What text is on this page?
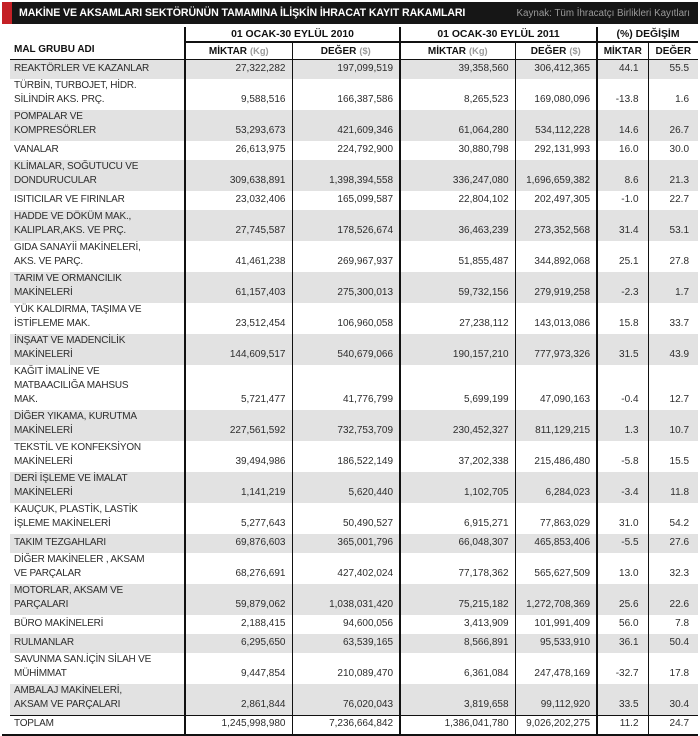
MAKİNE VE AKSAMLARI SEKTÖRÜNÜN TAMAMINA İLİŞKİN İHRACAT KAYIT RAKAMLARI	Kaynak: Tüm İhracatçı Birlikleri Kayıtları
	01 OCAK-30 EYLÜL 2010		01 OCAK-30 EYLÜL 2011		(%) DEĞİŞİM	
MAL GRUBU ADI	MİKTAR (Kg)	DEĞER ($)	MİKTAR (Kg)	DEĞER ($)	MİKTAR	DEĞER
REAKTÖRLER VE KAZANLAR	27,322,282	197,099,519	39,358,560	306,412,365	44.1	55.5
TÜRBİN, TURBOJET, HİDR. SİLİNDİR AKS. PRÇ.	9,588,516	166,387,586	8,265,523	169,080,096	-13.8	1.6
POMPALAR VE KOMPRESÖRLER	53,293,673	421,609,346	61,064,280	534,112,228	14.6	26.7
VANALAR	26,613,975	224,792,900	30,880,798	292,131,993	16.0	30.0
KLİMALAR, SOĞUTUCU VE DONDURUCULAR	309,638,891	1,398,394,558	336,247,080	1,696,659,382	8.6	21.3
ISITICILAR VE FIRINLAR	23,032,406	165,099,587	22,804,102	202,497,305	-1.0	22.7
HADDE VE DÖKÜM MAK., KALIPLAR,AKS. VE PRÇ.	27,745,587	178,526,674	36,463,239	273,352,568	31.4	53.1
GIDA SANAYİİ MAKİNELERİ, AKS. VE PARÇ.	41,461,238	269,967,937	51,855,487	344,892,068	25.1	27.8
TARIM VE ORMANCILIK MAKİNELERİ	61,157,403	275,300,013	59,732,156	279,919,258	-2.3	1.7
YÜK KALDIRMA, TAŞIMA VE İSTİFLEME MAK.	23,512,454	106,960,058	27,238,112	143,013,086	15.8	33.7
İNŞAAT VE MADENCİLİK MAKİNELERİ	144,609,517	540,679,066	190,157,210	777,973,326	31.5	43.9
KAĞIT İMALİNE VE MATBAACILIĞA MAHSUS MAK.	5,721,477	41,776,799	5,699,199	47,090,163	-0.4	12.7
DİĞER YIKAMA, KURUTMA MAKİNELERİ	227,561,592	732,753,709	230,452,327	811,129,215	1.3	10.7
TEKSTİL VE KONFEKSİYON MAKİNELERİ	39,494,986	186,522,149	37,202,338	215,486,480	-5.8	15.5
DERİ İŞLEME VE İMALAT MAKİNELERİ	1,141,219	5,620,440	1,102,705	6,284,023	-3.4	11.8
KAUÇUK, PLASTİK, LASTİK İŞLEME MAKİNELERİ	5,277,643	50,490,527	6,915,271	77,863,029	31.0	54.2
TAKIM TEZGAHLARI	69,876,603	365,001,796	66,048,307	465,853,406	-5.5	27.6
DİĞER MAKİNELER , AKSAM VE PARÇALAR	68,276,691	427,402,024	77,178,362	565,627,509	13.0	32.3
MOTORLAR, AKSAM VE PARÇALARI	59,879,062	1,038,031,420	75,215,182	1,272,708,369	25.6	22.6
BÜRO MAKİNELERİ	2,188,415	94,600,056	3,413,909	101,991,409	56.0	7.8
RULMANLAR	6,295,650	63,539,165	8,566,891	95,533,910	36.1	50.4
SAVUNMA SAN.İÇİN SİLAH VE MÜHİMMAT	9,447,854	210,089,470	6,361,084	247,478,169	-32.7	17.8
AMBALAJ MAKİNELERİ, AKSAM VE PARÇALARI	2,861,844	76,020,043	3,819,658	99,112,920	33.5	30.4
TOPLAM	1,245,998,980	7,236,664,842	1,386,041,780	9,026,202,275	11.2	24.7
